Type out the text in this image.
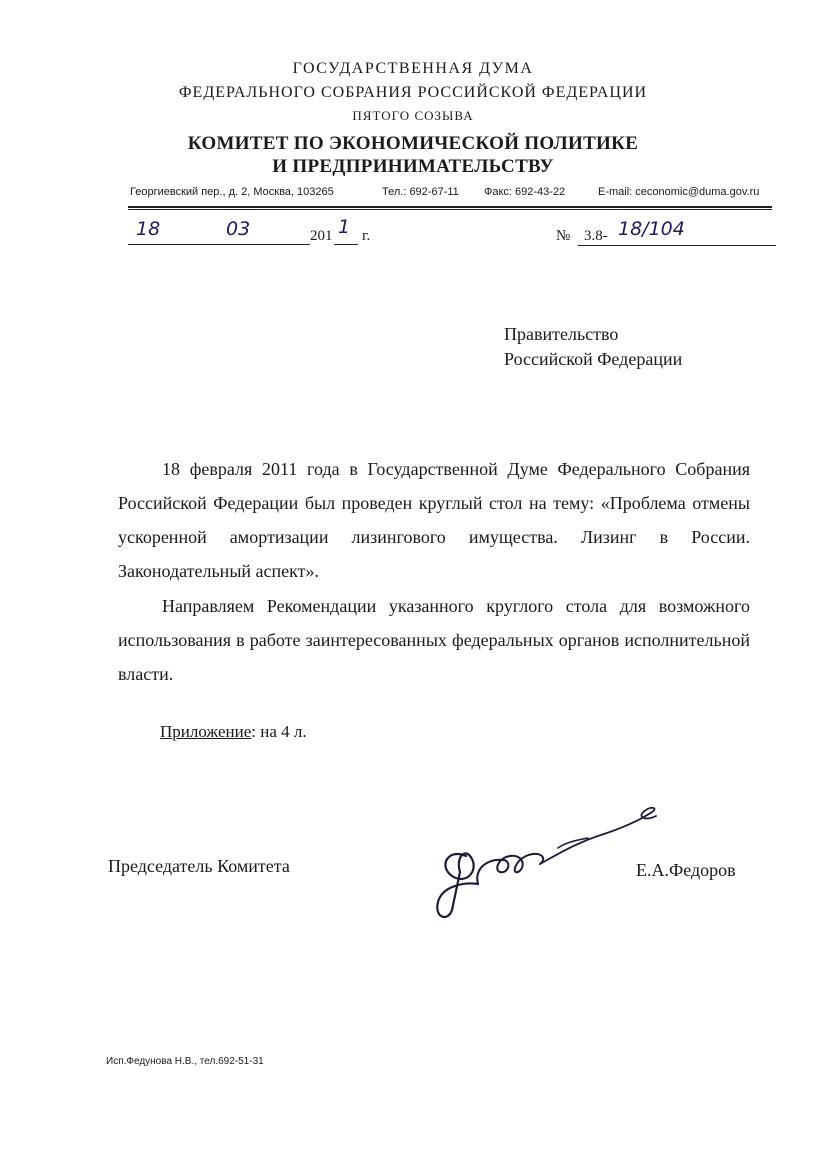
ГОСУДАРСТВЕННАЯ ДУМА
ФЕДЕРАЛЬНОГО СОБРАНИЯ РОССИЙСКОЙ ФЕДЕРАЦИИ
ПЯТОГО СОЗЫВА
КОМИТЕТ ПО ЭКОНОМИЧЕСКОЙ ПОЛИТИКЕ
И ПРЕДПРИНИМАТЕЛЬСТВУ
Георгиевский пер., д. 2, Москва, 103265	Тел.: 692-67-11 Факс: 692-43-22	E-mail: ceconomic@duma.gov.ru
18	03	201 1 г.	№ 3.8- 18/104
Правительство
Российской Федерации
18 февраля 2011 года в Государственной Думе Федерального Собрания Российской Федерации был проведен круглый стол на тему: «Проблема отмены ускоренной амортизации лизингового имущества. Лизинг в России. Законодательный аспект».
Направляем Рекомендации указанного круглого стола для возможного использования в работе заинтересованных федеральных органов исполнительной власти.
Приложение: на 4 л.
Председатель Комитета	Е.А.Федоров
Исп.Федунова Н.В., тел.692-51-31
